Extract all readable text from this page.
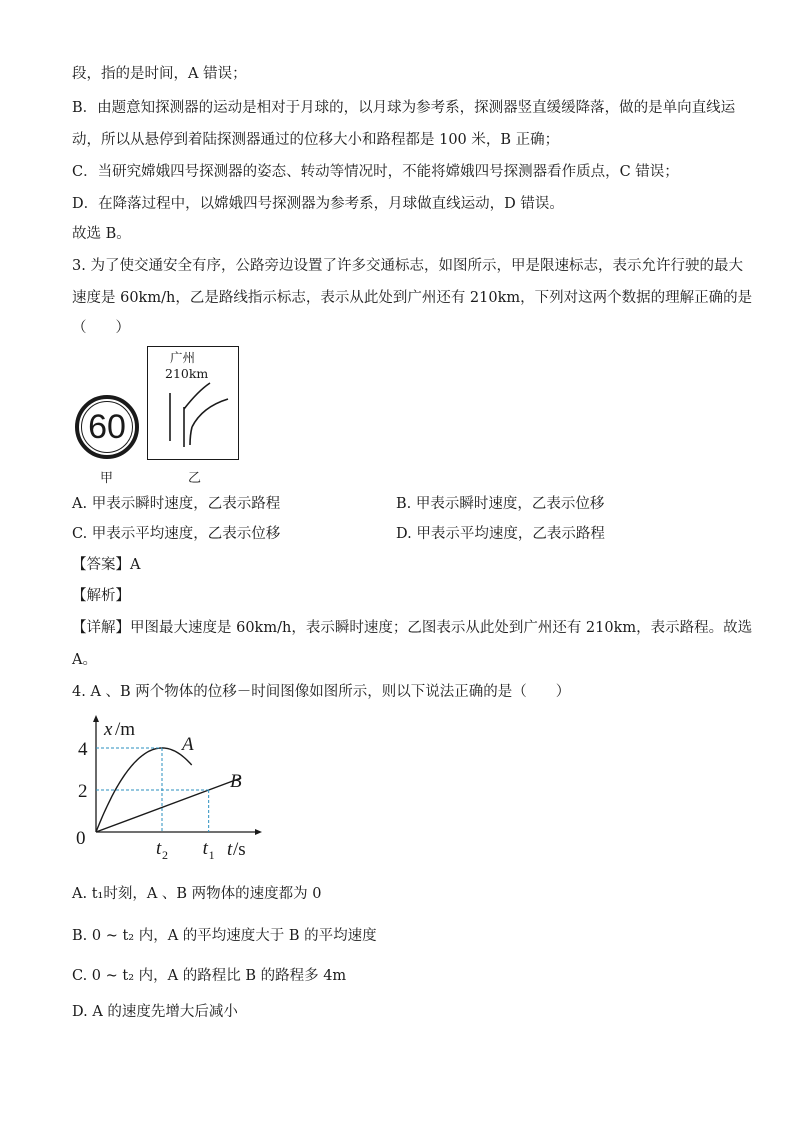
段，指的是时间，A 错误；
B．由题意知探测器的运动是相对于月球的，以月球为参考系，探测器竖直缓缓降落，做的是单向直线运
动，所以从悬停到着陆探测器通过的位移大小和路程都是 100 米，B 正确；
C．当研究嫦娥四号探测器的姿态、转动等情况时，不能将嫦娥四号探测器看作质点，C 错误；
D．在降落过程中，以嫦娥四号探测器为参考系，月球做直线运动，D 错误。
故选 B。
3. 为了使交通安全有序，公路旁边设置了许多交通标志，如图所示，甲是限速标志，表示允许行驶的最大
速度是 60km/h，乙是路线指示标志，表示从此处到广州还有 210km，下列对这两个数据的理解正确的是
（　　）
60
甲
广州
210km
乙
A. 甲表示瞬时速度，乙表示路程	B. 甲表示瞬时速度，乙表示位移
C. 甲表示平均速度，乙表示位移	D. 甲表示平均速度，乙表示路程
【答案】A
【解析】
【详解】甲图最大速度是 60km/h，表示瞬时速度；乙图表示从此处到广州还有 210km，表示路程。故选
A。
4. A 、B 两个物体的位移－时间图像如图所示，则以下说法正确的是（　　）
x /m
t /s
0
2
4	A
B
t 2 t 1
A. t₁时刻，A 、B 两物体的速度都为 0
B. 0 ~ t₂ 内，A 的平均速度大于 B 的平均速度
C. 0 ~ t₂ 内，A 的路程比 B 的路程多 4m
D. A 的速度先增大后减小
